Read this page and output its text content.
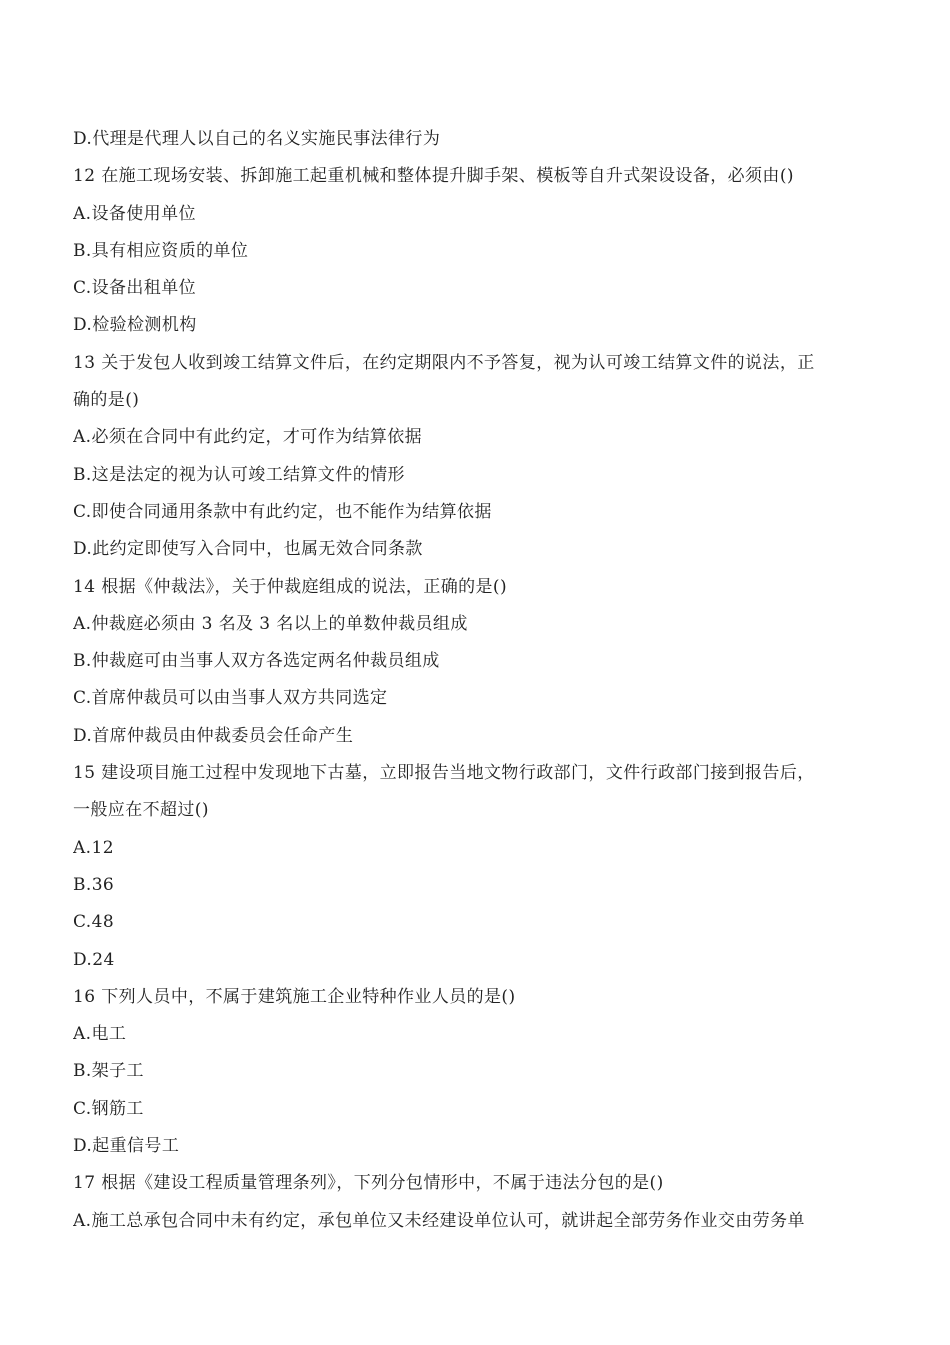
D.代理是代理人以自己的名义实施民事法律行为
12 在施工现场安装、拆卸施工起重机械和整体提升脚手架、模板等自升式架设设备，必须由()
A.设备使用单位
B.具有相应资质的单位
C.设备出租单位
D.检验检测机构
13 关于发包人收到竣工结算文件后，在约定期限内不予答复，视为认可竣工结算文件的说法，正
确的是()
A.必须在合同中有此约定，才可作为结算依据
B.这是法定的视为认可竣工结算文件的情形
C.即使合同通用条款中有此约定，也不能作为结算依据
D.此约定即使写入合同中，也属无效合同条款
14 根据《仲裁法》，关于仲裁庭组成的说法，正确的是()
A.仲裁庭必须由 3 名及 3 名以上的单数仲裁员组成
B.仲裁庭可由当事人双方各选定两名仲裁员组成
C.首席仲裁员可以由当事人双方共同选定
D.首席仲裁员由仲裁委员会任命产生
15 建设项目施工过程中发现地下古墓，立即报告当地文物行政部门，文件行政部门接到报告后，
一般应在不超过()
A.12
B.36
C.48
D.24
16 下列人员中，不属于建筑施工企业特种作业人员的是()
A.电工
B.架子工
C.钢筋工
D.起重信号工
17 根据《建设工程质量管理条列》，下列分包情形中，不属于违法分包的是()
A.施工总承包合同中未有约定，承包单位又未经建设单位认可，就讲起全部劳务作业交由劳务单
